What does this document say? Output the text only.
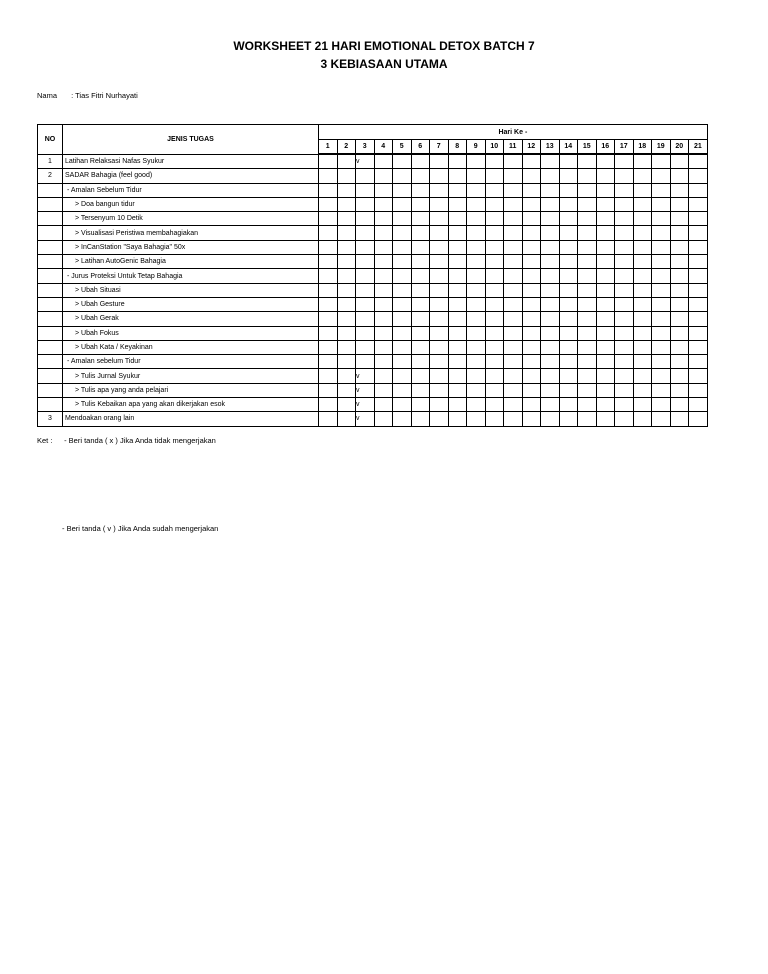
WORKSHEET 21 HARI EMOTIONAL DETOX BATCH 7
3 KEBIASAAN UTAMA
Nama : Tias Fitri Nurhayati
NO	JENIS TUGAS	Hari Ke -																				
		1	2	3	4	5	6	7	8	9	10	11	12	13	14	15	16	17	18	19	20	21
1	Latihan Relaksasi Nafas Syukur			v																		
2	SADAR Bahagia (feel good)																					
	- Amalan Sebelum Tidur																					
	> Doa bangun tidur																					
	> Tersenyum 10 Detik																					
	> Visualisasi Peristiwa membahagiakan																					
	> InCanStation "Saya Bahagia" 50x																					
	> Latihan AutoGenic Bahagia																					
	- Jurus Proteksi Untuk Tetap Bahagia																					
	> Ubah Situasi																					
	> Ubah Gesture																					
	> Ubah Gerak																					
	> Ubah Fokus																					
	> Ubah Kata / Keyakinan																					
	- Amalan sebelum Tidur																					
	> Tulis Jurnal Syukur			v																		
	> Tulis apa yang anda pelajari			v																		
	> Tulis Kebaikan apa yang akan dikerjakan esok			v																		
3	Mendoakan orang lain			v																		
Ket : - Beri tanda ( x ) Jika Anda tidak mengerjakan
- Beri tanda ( v ) Jika Anda sudah mengerjakan
